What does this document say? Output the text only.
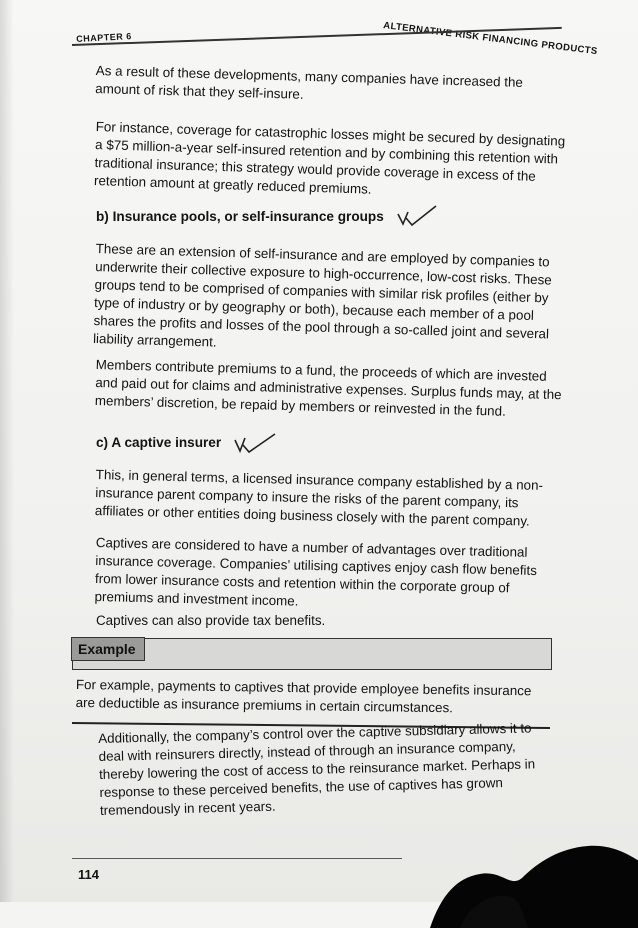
CHAPTER 6	ALTERNATIVE RISK FINANCING PRODUCTS

As a result of these developments, many companies have increased the amount of risk that they self-insure.

For instance, coverage for catastrophic losses might be secured by designating a $75 million-a-year self-insured retention and by combining this retention with traditional insurance; this strategy would provide coverage in excess of the retention amount at greatly reduced premiums.

b) Insurance pools, or self-insurance groups

These are an extension of self-insurance and are employed by companies to underwrite their collective exposure to high-occurrence, low-cost risks. These groups tend to be comprised of companies with similar risk profiles (either by type of industry or by geography or both), because each member of a pool shares the profits and losses of the pool through a so-called joint and several liability arrangement.

Members contribute premiums to a fund, the proceeds of which are invested and paid out for claims and administrative expenses. Surplus funds may, at the members’ discretion, be repaid by members or reinvested in the fund.

c) A captive insurer

This, in general terms, a licensed insurance company established by a non-insurance parent company to insure the risks of the parent company, its affiliates or other entities doing business closely with the parent company.

Captives are considered to have a number of advantages over traditional insurance coverage. Companies’ utilising captives enjoy cash flow benefits from lower insurance costs and retention within the corporate group of premiums and investment income.

Captives can also provide tax benefits.

Example

For example, payments to captives that provide employee benefits insurance are deductible as insurance premiums in certain circumstances.

Additionally, the company’s control over the captive subsidiary allows it to deal with reinsurers directly, instead of through an insurance company, thereby lowering the cost of access to the reinsurance market. Perhaps in response to these perceived benefits, the use of captives has grown tremendously in recent years.

114
